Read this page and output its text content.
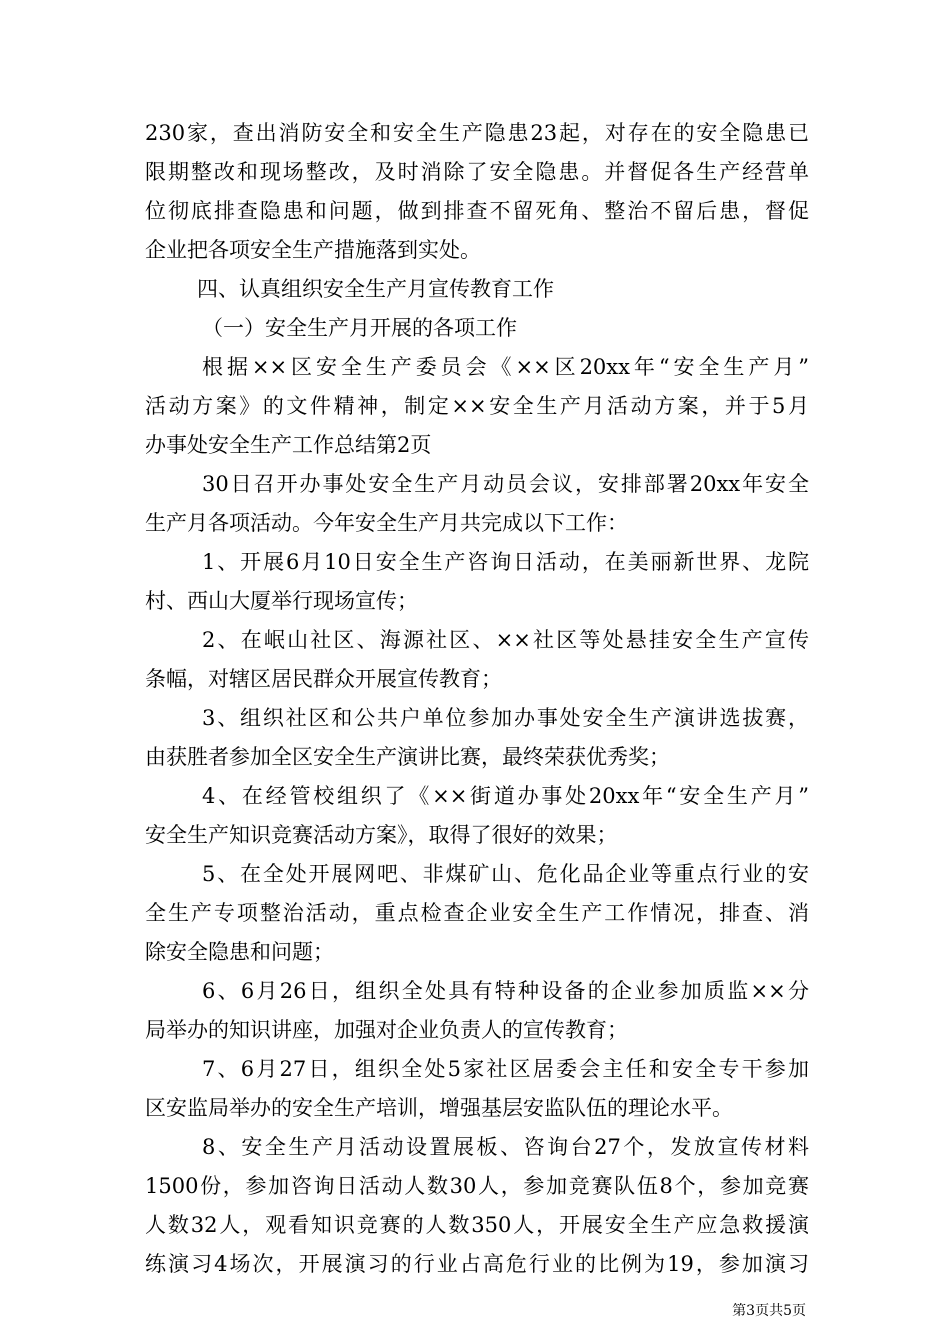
230家，查出消防安全和安全生产隐患23起，对存在的安全隐患已
限期整改和现场整改，及时消除了安全隐患。并督促各生产经营单
位彻底排查隐患和问题，做到排查不留死角、整治不留后患，督促
企业把各项安全生产措施落到实处。
四、认真组织安全生产月宣传教育工作
（一）安全生产月开展的各项工作
根据××区安全生产委员会《××区20xx年“安全生产月”
活动方案》的文件精神，制定××安全生产月活动方案，并于5月
办事处安全生产工作总结第2页
30日召开办事处安全生产月动员会议，安排部署20xx年安全
生产月各项活动。今年安全生产月共完成以下工作：
1、开展6月10日安全生产咨询日活动，在美丽新世界、龙院
村、西山大厦举行现场宣传；
2、在岷山社区、海源社区、××社区等处悬挂安全生产宣传
条幅，对辖区居民群众开展宣传教育；
3、组织社区和公共户单位参加办事处安全生产演讲选拔赛，
由获胜者参加全区安全生产演讲比赛，最终荣获优秀奖；
4、在经管校组织了《××街道办事处20xx年“安全生产月”
安全生产知识竞赛活动方案》，取得了很好的效果；
5、在全处开展网吧、非煤矿山、危化品企业等重点行业的安
全生产专项整治活动，重点检查企业安全生产工作情况，排查、消
除安全隐患和问题；
6、6月26日，组织全处具有特种设备的企业参加质监××分
局举办的知识讲座，加强对企业负责人的宣传教育；
7、6月27日，组织全处5家社区居委会主任和安全专干参加
区安监局举办的安全生产培训，增强基层安监队伍的理论水平。
8、安全生产月活动设置展板、咨询台27个，发放宣传材料
1500份，参加咨询日活动人数30人，参加竞赛队伍8个，参加竞赛
人数32人，观看知识竞赛的人数350人，开展安全生产应急救援演
练演习4场次，开展演习的行业占高危行业的比例为19，参加演习
第3页共5页
